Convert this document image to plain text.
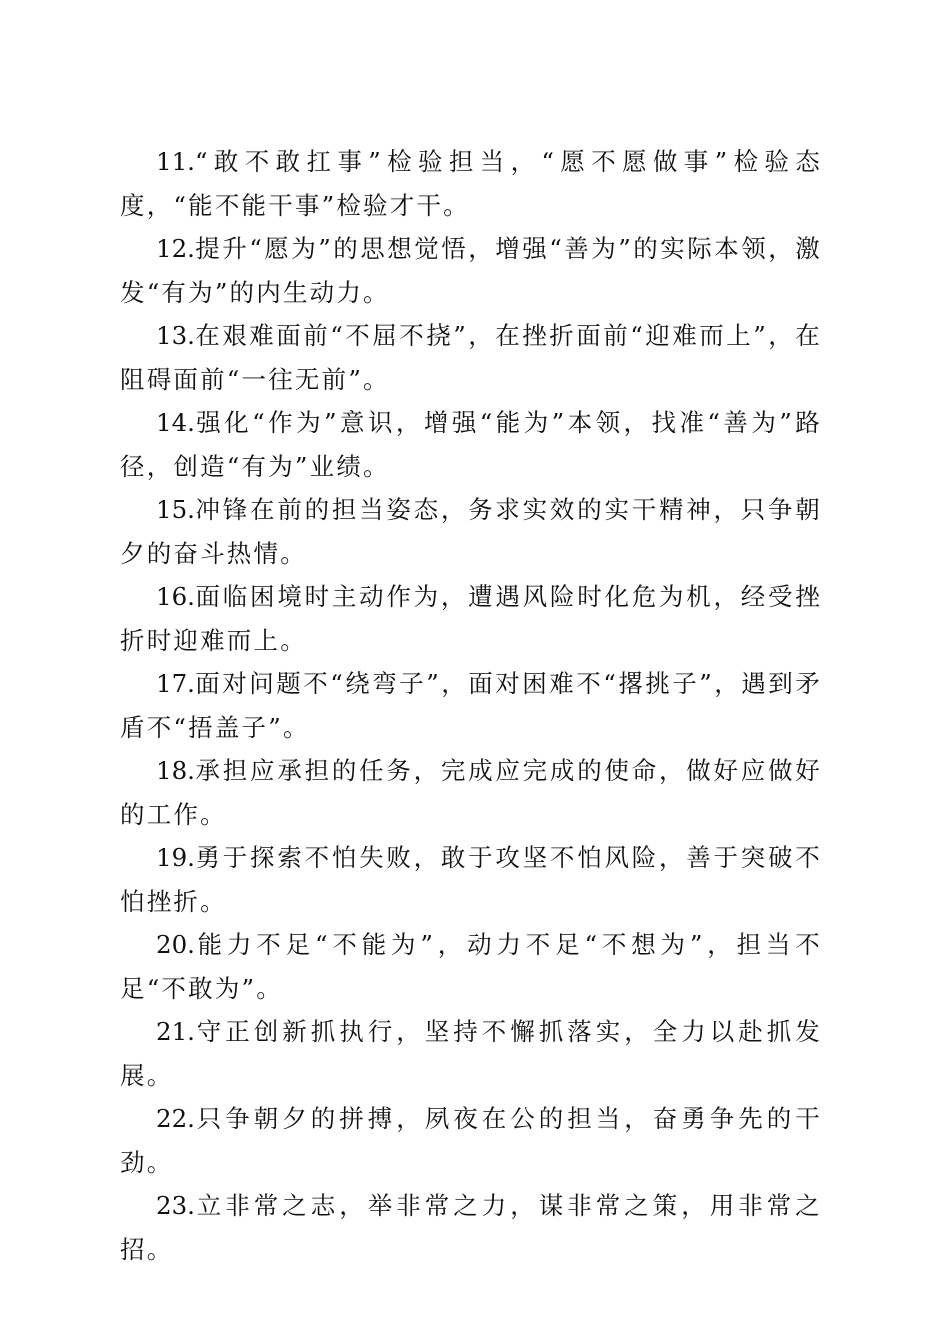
11.“敢不敢扛事”检验担当，“愿不愿做事”检验态度，“能不能干事”检验才干。

12.提升“愿为”的思想觉悟，增强“善为”的实际本领，激发“有为”的内生动力。

13.在艰难面前“不屈不挠”，在挫折面前“迎难而上”，在阻碍面前“一往无前”。

14.强化“作为”意识，增强“能为”本领，找准“善为”路径，创造“有为”业绩。

15.冲锋在前的担当姿态，务求实效的实干精神，只争朝夕的奋斗热情。

16.面临困境时主动作为，遭遇风险时化危为机，经受挫折时迎难而上。

17.面对问题不“绕弯子”，面对困难不“撂挑子”，遇到矛盾不“捂盖子”。

18.承担应承担的任务，完成应完成的使命，做好应做好的工作。

19.勇于探索不怕失败，敢于攻坚不怕风险，善于突破不怕挫折。

20.能力不足“不能为”，动力不足“不想为”，担当不足“不敢为”。

21.守正创新抓执行，坚持不懈抓落实，全力以赴抓发展。

22.只争朝夕的拼搏，夙夜在公的担当，奋勇争先的干劲。

23.立非常之志，举非常之力，谋非常之策，用非常之招。
